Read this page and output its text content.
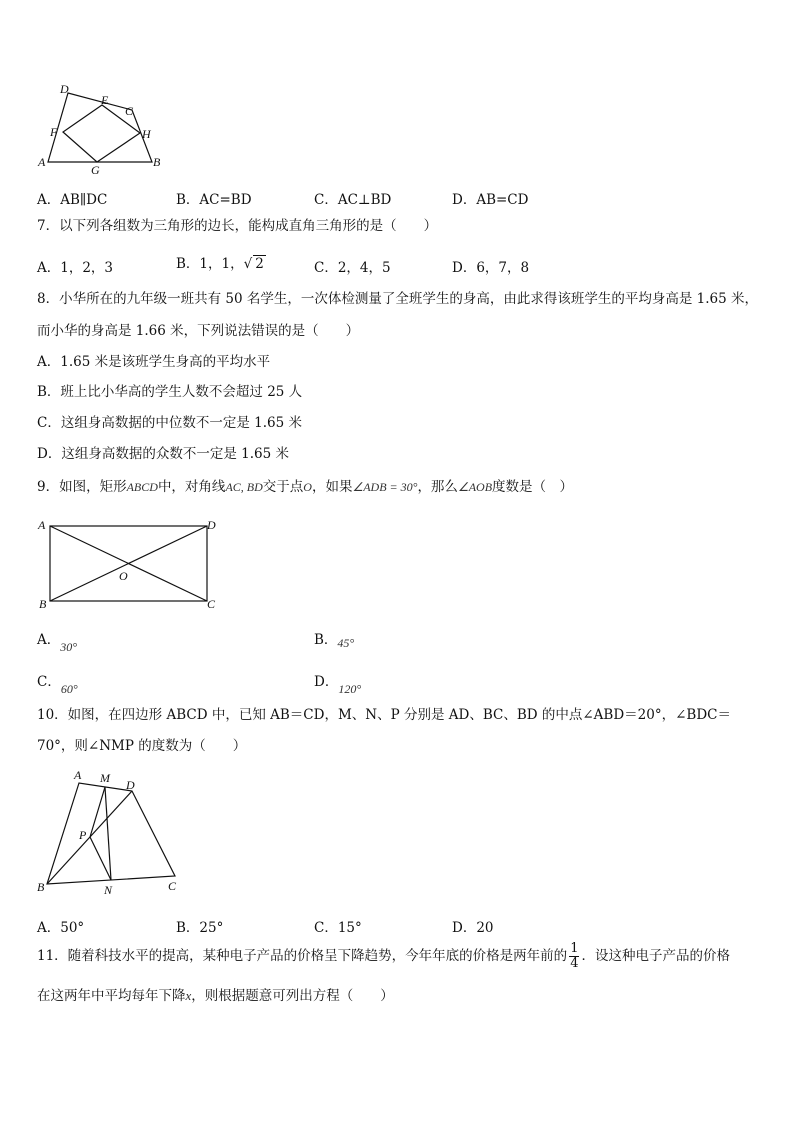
D
E
C
F	H
A
G
B
A．AB∥DC	B．AC=BD	C．AC⊥BD	D．AB=CD
7．以下列各组数为三角形的边长，能构成直角三角形的是（　　）
A．1，2，3	B．1，1，√ 2	C．2，4，5	D．6，7，8
8．小华所在的九年级一班共有 50 名学生，一次体检测量了全班学生的身高，由此求得该班学生的平均身高是 1.65 米，
而小华的身高是 1.66 米，下列说法错误的是（　　）
A．1.65 米是该班学生身高的平均水平
B．班上比小华高的学生人数不会超过 25 人
C．这组身高数据的中位数不一定是 1.65 米
D．这组身高数据的众数不一定是 1.65 米
9．如图，矩形ABCD中，对角线AC, BD交于点O，如果∠ADB = 30°，那么∠AOB度数是（　）
A	D
O
B	C
A．30°	B．45°
C．60°	D．120°
10．如图，在四边形 ABCD 中，已知 AB＝CD，M、N、P 分别是 AD、BC、BD 的中点∠ABD＝20°，∠BDC＝
70°，则∠NMP 的度数为（　　）
A M D
P
B	N	C
A．50°	B．25°	C．15°	D．20
11．随着科技水平的提高，某种电子产品的价格呈下降趋势，今年年底的价格是两年前的 $\frac{1}{4}$ ．设这种电子产品的价格
在这两年中平均每年下降x，则根据题意可列出方程（　　）
